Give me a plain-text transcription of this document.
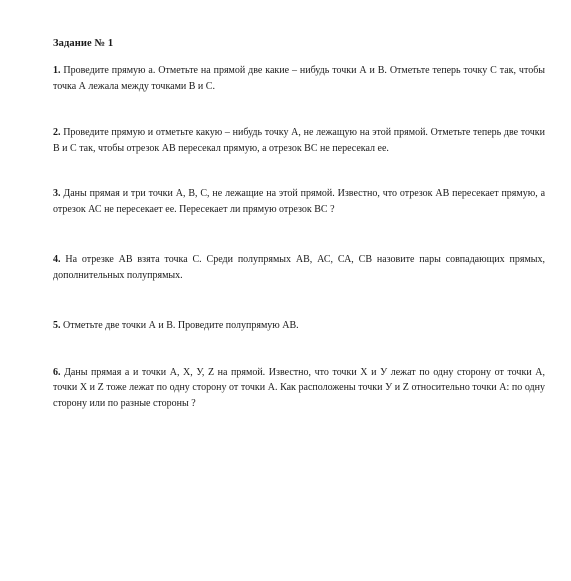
Задание № 1

1. Проведите прямую а. Отметьте на прямой две какие – нибудь точки А и В. Отметьте теперь точку С так, чтобы точка А лежала между точками В и С.

2. Проведите прямую и отметьте какую – нибудь точку А, не лежащую на этой прямой. Отметьте теперь две точки В и С так, чтобы отрезок АВ пересекал прямую, а отрезок ВС не пересекал ее.

3. Даны прямая и три точки А, В, С, не лежащие на этой прямой. Известно, что отрезок АВ пересекает прямую, а отрезок АС не пересекает ее. Пересекает ли прямую отрезок ВС ?

4. На отрезке АВ взята точка С. Среди полупрямых АВ, АС, СА, СВ назовите пары совпадающих прямых, дополнительных полупрямых.

5. Отметьте две точки А и В. Проведите полупрямую АВ.

6. Даны прямая а и точки А, Х, У, Z на прямой. Известно, что точки Х и У лежат по одну сторону от точки А, точки Х и Z тоже лежат по одну сторону от точки А. Как расположены точки У и Z относительно точки А: по одну сторону или по разные стороны ?
